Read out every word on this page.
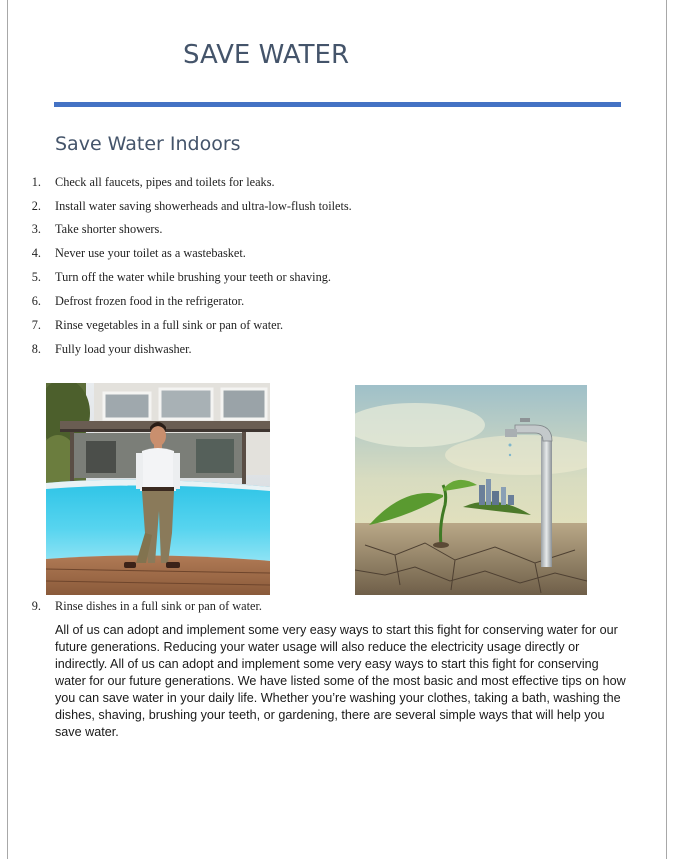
SAVE WATER
Save Water Indoors
1. Check all faucets, pipes and toilets for leaks.
2. Install water saving showerheads and ultra-low-flush toilets.
3. Take shorter showers.
4. Never use your toilet as a wastebasket.
5. Turn off the water while brushing your teeth or shaving.
6. Defrost frozen food in the refrigerator.
7. Rinse vegetables in a full sink or pan of water.
8. Fully load your dishwasher.
9. Rinse dishes in a full sink or pan of water.
All of us can adopt and implement some very easy ways to start this fight for conserving water for our future generations. Reducing your water usage will also reduce the electricity usage directly or indirectly. All of us can adopt and implement some very easy ways to start this fight for conserving water for our future generations. We have listed some of the most basic and most effective tips on how you can save water in your daily life. Whether you’re washing your clothes, taking a bath, washing the dishes, shaving, brushing your teeth, or gardening, there are several simple ways that will help you save water.
